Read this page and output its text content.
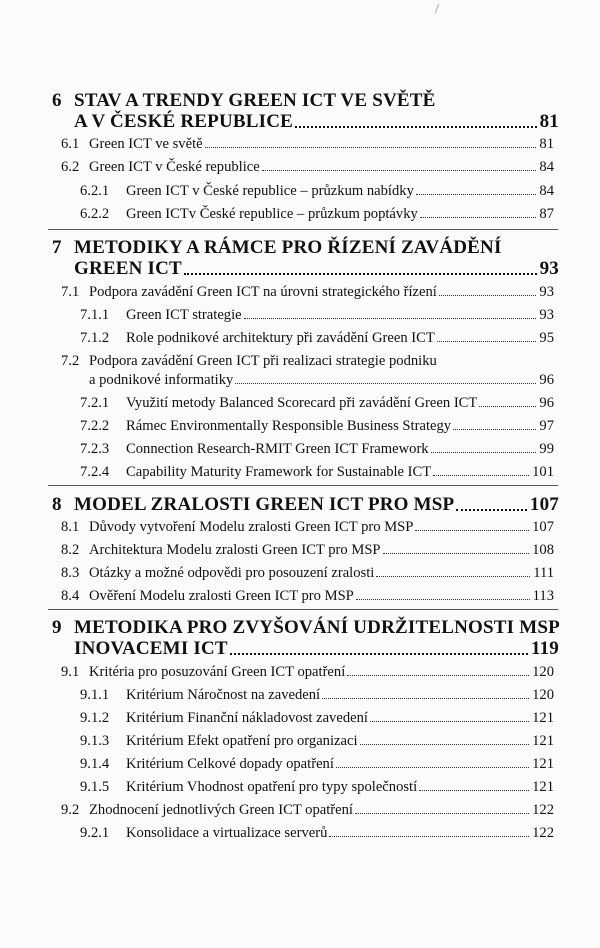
/
6 STAV A TRENDY GREEN ICT VE SVĚTĚ
A V ČESKÉ REPUBLICE	81
6.1 Green ICT ve světě	81
6.2 Green ICT v České republice	84
6.2.1	Green ICT v České republice – průzkum nabídky	84
6.2.2	Green ICTv České republice – průzkum poptávky	87
7 METODIKY A RÁMCE PRO ŘÍZENÍ ZAVÁDĚNÍ
GREEN ICT	93
7.1 Podpora zavádění Green ICT na úrovni strategického řízení	93
7.1.1	Green ICT strategie	93
7.1.2	Role podnikové architektury při zavádění Green ICT	95
7.2 Podpora zavádění Green ICT při realizaci strategie podniku
a podnikové informatiky	96
7.2.1	Využití metody Balanced Scorecard při zavádění Green ICT	96
7.2.2	Rámec Environmentally Responsible Business Strategy	97
7.2.3	Connection Research-RMIT Green ICT Framework	99
7.2.4	Capability Maturity Framework for Sustainable ICT	101
8 MODEL ZRALOSTI GREEN ICT PRO MSP	107
8.1 Důvody vytvoření Modelu zralosti Green ICT pro MSP	107
8.2 Architektura Modelu zralosti Green ICT pro MSP	108
8.3 Otázky a možné odpovědi pro posouzení zralosti	111
8.4 Ověření Modelu zralosti Green ICT pro MSP	113
9 METODIKA PRO ZVYŠOVÁNÍ UDRŽITELNOSTI MSP
INOVACEMI ICT	119
9.1 Kritéria pro posuzování Green ICT opatření	120
9.1.1	Kritérium Náročnost na zavedení	120
9.1.2	Kritérium Finanční nákladovost zavedení	121
9.1.3	Kritérium Efekt opatření pro organizaci	121
9.1.4	Kritérium Celkové dopady opatření	121
9.1.5	Kritérium Vhodnost opatření pro typy společností	121
9.2 Zhodnocení jednotlivých Green ICT opatření	122
9.2.1	Konsolidace a virtualizace serverů	122
